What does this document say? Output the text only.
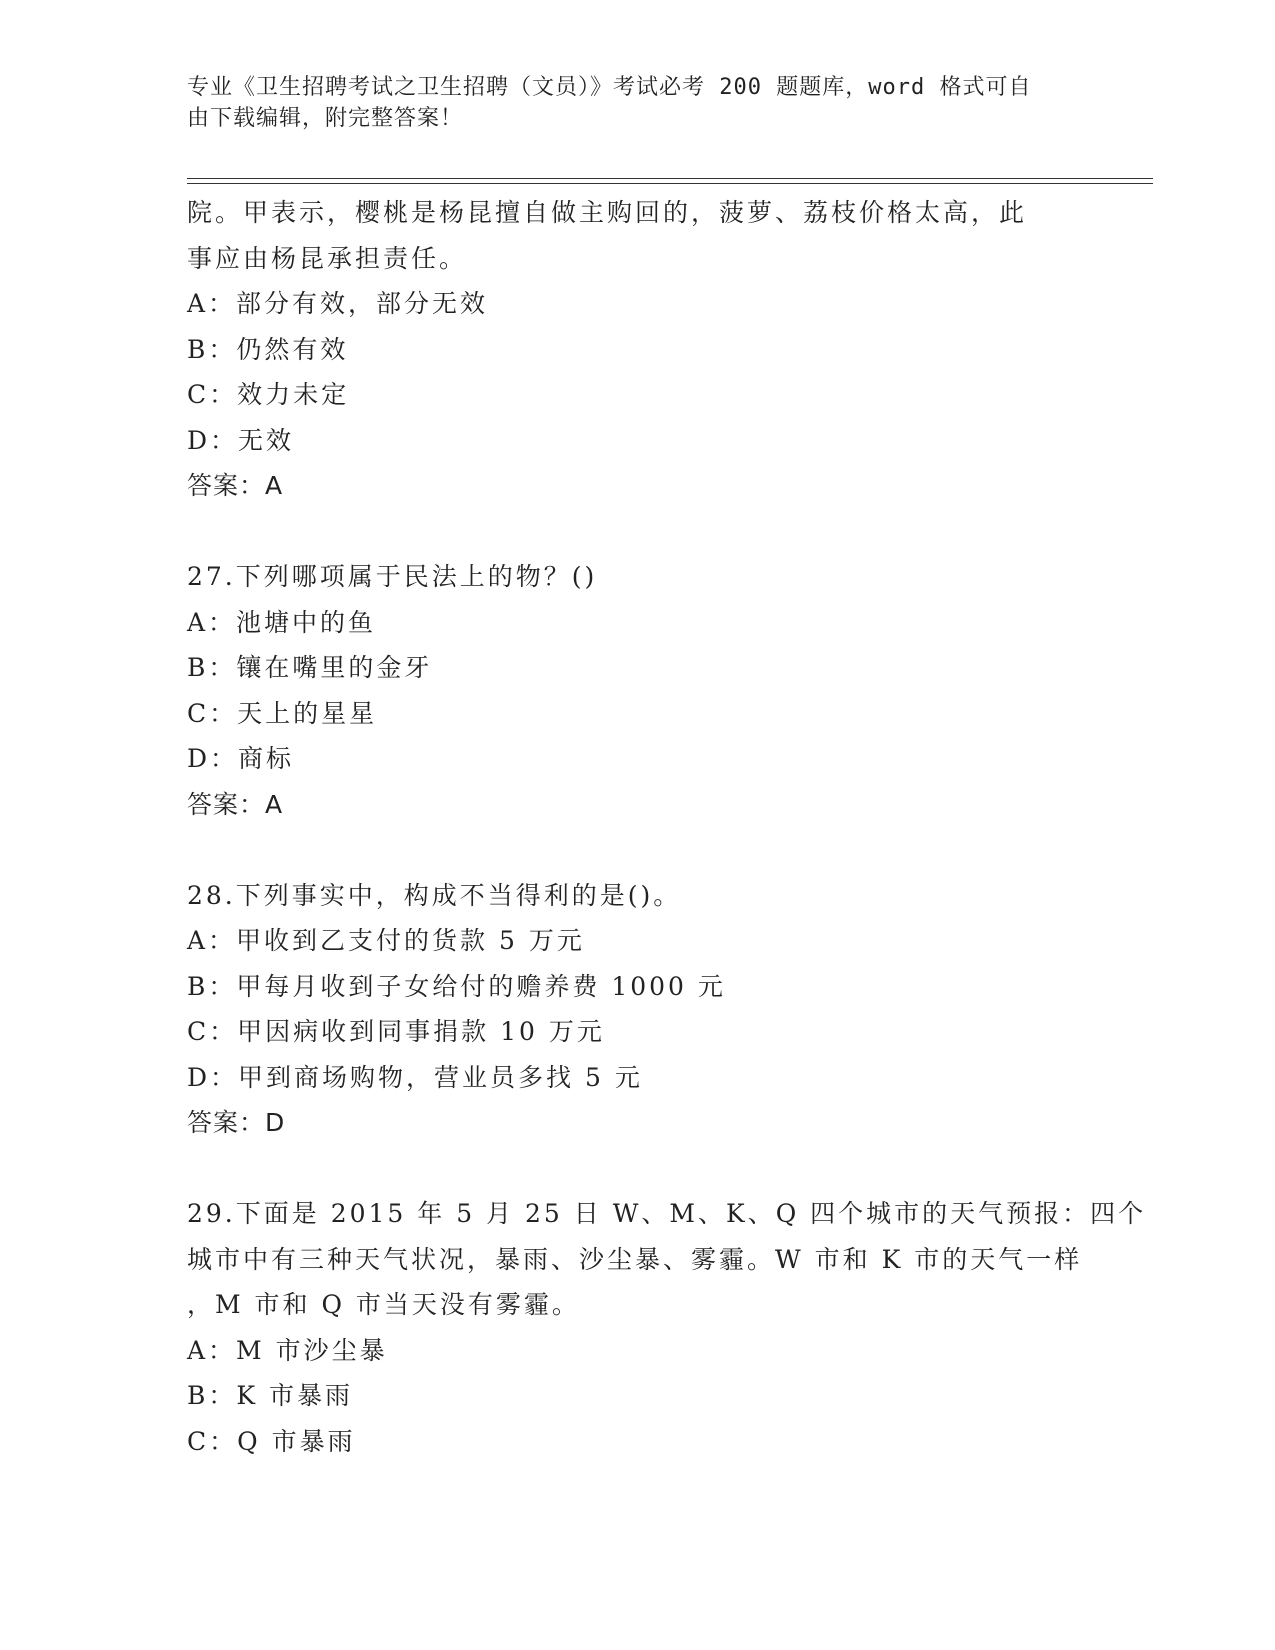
专业《卫生招聘考试之卫生招聘（文员）》考试必考 200 题题库，word 格式可自
由下载编辑，附完整答案！
院。甲表示，樱桃是杨昆擅自做主购回的，菠萝、荔枝价格太高，此
事应由杨昆承担责任。
A：部分有效，部分无效
B：仍然有效
C：效力未定
D：无效
答案：A
27.下列哪项属于民法上的物？()
A：池塘中的鱼
B：镶在嘴里的金牙
C：天上的星星
D：商标
答案：A
28.下列事实中，构成不当得利的是()。
A：甲收到乙支付的货款 5 万元
B：甲每月收到子女给付的赡养费 1000 元
C：甲因病收到同事捐款 10 万元
D：甲到商场购物，营业员多找 5 元
答案：D
29.下面是 2015 年 5 月 25 日 W、M、K、Q 四个城市的天气预报：四个
城市中有三种天气状况，暴雨、沙尘暴、雾霾。W 市和 K 市的天气一样
，M 市和 Q 市当天没有雾霾。
A：M 市沙尘暴
B：K 市暴雨
C：Q 市暴雨
